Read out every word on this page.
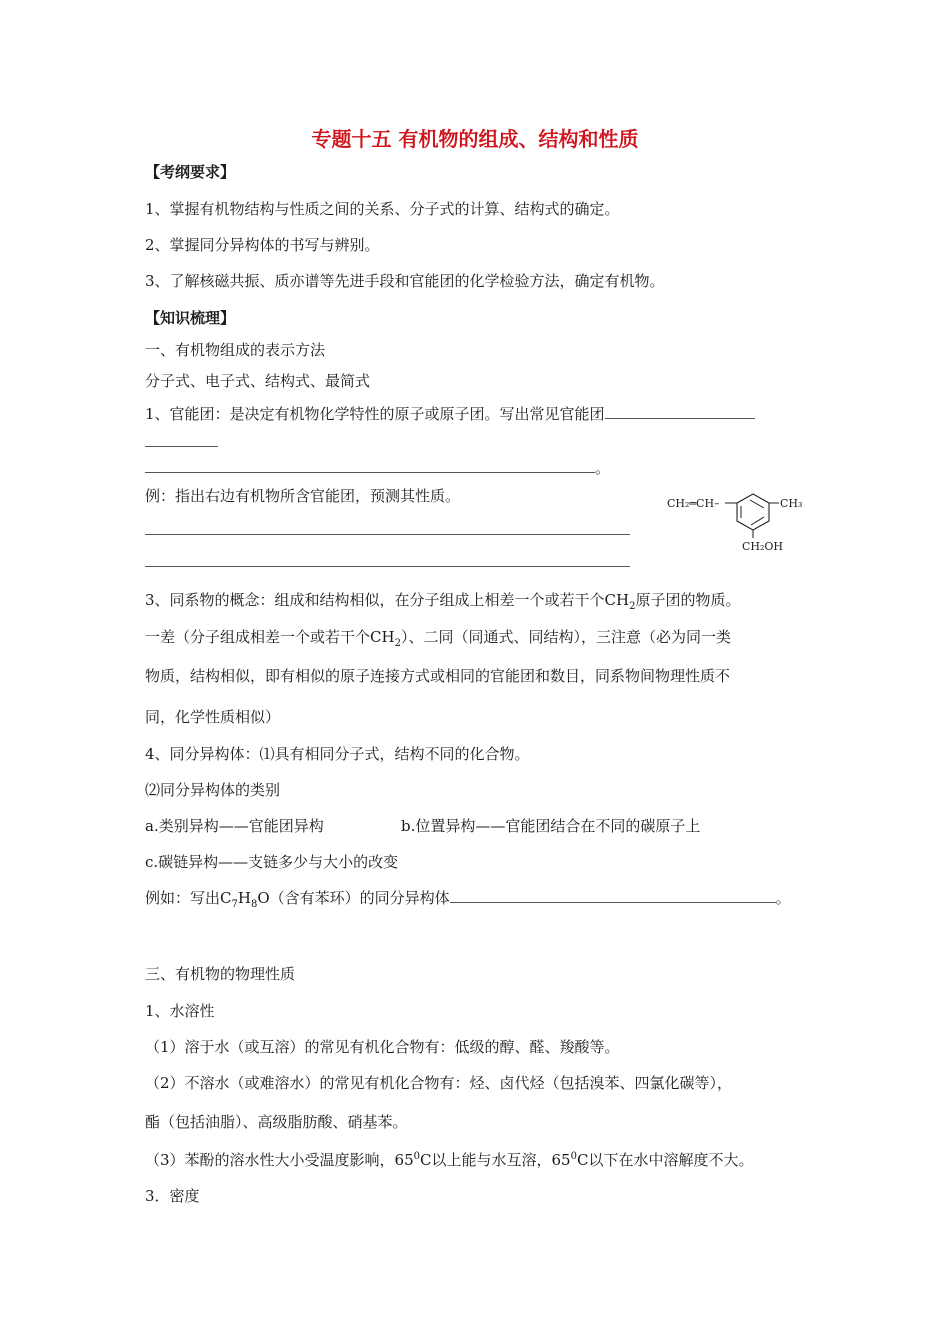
专题十五 有机物的组成、结构和性质
【考纲要求】
1、掌握有机物结构与性质之间的关系、分子式的计算、结构式的确定。
2、掌握同分异构体的书写与辨别。
3、了解核磁共振、质亦谱等先进手段和官能团的化学检验方法，确定有机物。
【知识梳理】
一、有机物组成的表示方法
分子式、电子式、结构式、最简式
1、官能团：是决定有机物化学特性的原子或原子团。写出常见官能团
。
例：指出右边有机物所含官能团，预测其性质。	CH₂═CH–	CH₃
CH₂OH
3、同系物的概念：组成和结构相似，在分子组成上相差一个或若干个$CH_2$原子团的物质。
一差（分子组成相差一个或若干个$CH_2$）、二同（同通式、同结构），三注意（必为同一类
物质，结构相似，即有相似的原子连接方式或相同的官能团和数目，同系物间物理性质不
同，化学性质相似）
4、同分异构体：⑴具有相同分子式，结构不同的化合物。
⑵同分异构体的类别
a.类别异构——官能团异构	b.位置异构——官能团结合在不同的碳原子上
c.碳链异构——支链多少与大小的改变
例如：写出$C_7H_8O$（含有苯环）的同分异构体	。
三、有机物的物理性质
1、水溶性
（1）溶于水（或互溶）的常见有机化合物有：低级的醇、醛、羧酸等。
（2）不溶水（或难溶水）的常见有机化合物有：烃、卤代烃（包括溴苯、四氯化碳等），
酯（包括油脂）、高级脂肪酸、硝基苯。
（3）苯酚的溶水性大小受温度影响，$65^0C$以上能与水互溶，$65^0C$以下在水中溶解度不大。
3．密度
